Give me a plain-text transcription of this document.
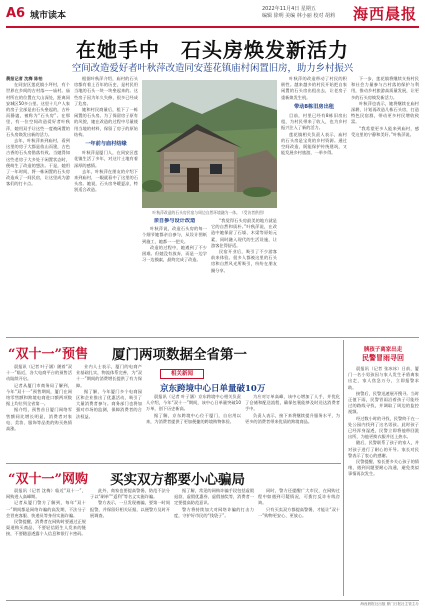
A6 城市读本
2022年11月4日 星期五
编辑 徐明 美编 林小丽 校对 胡莉	海西晨报
在她手中　石头房焕发新活力
空间改造爱好者叶秋萍改造同安莲花镇庙村闲置旧房，助力乡村振兴

晨报记者 沈梅 陈柏

在同安区莲花镇小坪村，有个世界在乡间的古村落——庙村。庙村所在的位置在大山深处，距离同安城区50多公里。这里十几户人家的房子全部是由石头垒起的，古朴而静谧，被称为“石头房”。在那里，有一位空间改造爱好者叶秋萍，她用双手让这些一度被闲置的石头房焕发出新的活力。

去年，叶秋萍来到庙村，看到这里的房子大都是依山而建，古色古香的石头房错落有致。当她得知这些老房子大多处于闲置状态时，便萌生了改造的想法。于是，她用了一年时间，将一栋闲置的石头房改造成了一间民宿，让这里成为游客们的打卡点。

根据叶秋萍介绍，庙村的石头房都有着上百年的历史，是村民用当地的石头一块一块垒起来的。这些房子因为年久失修，很多已经成了危房。

她和村民商量后，租下了一栋闲置的石头房。为了保留房子原有的风貌，她在改造的过程中尽量使用当地的材料，保留了房子的原始结构。

一年前与庙村结缘

叶秋萍是厦门人，在同安区莲花镇生活了多年，对这片土地有着深厚的感情。

去年，叶秋萍在朋友的介绍下来到庙村，一眼就看中了这里的石头房。她说，石头房冬暖夏凉，特别适合改造。

叶秋萍改造的石头房民宿与周边自然环境融为一体。（受访者供图）
亲自参与设计改造

叶秋萍说，改造石头房的每一个细节她都亲自参与，从设计图纸到施工，她都一一把关。

改造的过程中，她遇到了不少困难。但她没有放弃，而是一边学习一边摸索，最终完成了改造。

“我觉得石头房最美的地方就是它的自然和质朴。”叶秋萍说，在改造中她保留了石墙、木梁等原始元素，同时融入现代的生活设施，让游客住得舒适。

民宿开业后，吸引了不少游客前来体验。很多人都被这里的石头房和自然风光所吸引，纷纷在朋友圈分享。

叶秋萍的改造带动了村民的积极性。越来越多的村民开始把自家闲置的石头房出租出去，让老房子重新焕发生机。

带动8栋旧房出租

目前，村里已经有8栋旧房出租，为村民带来了收入，也为乡村振兴注入了新的活力。

莲花镇相关负责人表示，庙村的石头房是宝贵的乡村资源。通过空间改造，既能保护传统建筑，又能发展乡村旅游，一举多得。

下一步，莲花镇将继续支持村民和社会力量参与古村落的保护与利用，推动乡村旅游高质量发展，让更多的石头房焕发新活力。

叶秋萍也表示，她将继续在庙村深耕，计划再改造几栋石头房，打造特色民宿群，带动更多村民增收致富。

“我希望更多人能来到庙村，感受这里的宁静和美好。”叶秋萍说。

“双十一”预售 厦门两项数据全省第一

晨报讯（记者 叶子涵）随着“双十一”临近，各大电商平台的预售活动陆续开启。

记者从厦门市商务局了解到，今年“双十一”预售期间，厦门在网络零售额和跨境电商进口额两项数据上均位列全省第一。

据介绍，预售首日厦门网络零售额同比增长明显，消费者对家电、美妆、服饰等品类的购买热情高涨。

业内人士表示，厦门的电商产业基础扎实，物流体系完善，为“双十一”期间的消费增长提供了有力保障。

据了解，今年厦门多个电商园区和企业推出了优惠活动，吸引了大量消费者参与。商务部门也将加强对市场的监测，保障消费者的合法权益。

相关新闻
京东跨境中心日单量破10万

晨报讯（记者 叶子涵）京东跨境中心相关负责人介绍，今年“双十一”期间，该中心日单量突破10万单，创下历史新高。

据了解，京东跨境中心位于厦门，自启用以来，为消费者提供了更加便捷的跨境购物体验。

为应对订单高峰，该中心增加了人手，并优化了仓储和配送流程，确保包裹能够及时送达消费者手中。

负责人表示，接下来将继续提升服务水平，为更多的消费者带来优质的跨境商品。

“双十一”网购 买实双方都要小心骗局

晨报讯（记者 沈梅）临近“双十一”，网购进入高峰期。

记者从厦门警方了解到，每年“双十一”期间都是网络诈骗的高发期，不法分子会冒充客服、快递员等身份实施诈骗。

民警提醒，消费者在网购时要通过正规渠道购买商品，不要轻信陌生人发来的链接，不要随意透露个人信息和银行卡密码。

此外，商家也要提高警惕，防范不法分子以“刷单”“返利”等名义实施诈骗。

警方表示，一旦发现被骗，要第一时间报警，并保留好相关证据，以便警方及时开展调查。

据了解，常见的网购诈骗手段包括虚假退款、虚假优惠券、虚假抽奖等，消费者一定要提高防范意识。

警方将持续加大对网络诈骗的打击力度，守护好市民的“钱袋子”。

同时，警方还提醒广大市民，在网购过程中如遇到可疑情况，可拨打反诈专线咨询。

只有买卖双方都提高警惕，才能让“双十一”购物更安心、更放心。

胰孩子离家出走
民警冒雨寻回

晨报讯（记者 张冰冰）日前，厦门一名小男孩因与家人发生矛盾离家出走，家人焦急万分，立即报警求助。

接警后，民警迅速展开搜寻。当时正值下雨，民警冒雨沿着孩子可能经过的路线寻找，并调取了周边的监控视频。

经过数小时的寻找，民警终于在一处公园内找到了这名男孩。此时孩子已经浑身湿透，民警立即将他带回派出所，为他更换衣服并送上热水。

随后，民警联系了孩子的家人，并对孩子进行了耐心的开导。家长对民警表示了衷心的感谢。

民警提醒，家长要多关心孩子的情绪，遇到问题要耐心沟通，避免类似事情再次发生。

海西晨报社出版 厦门日报社主管主办
